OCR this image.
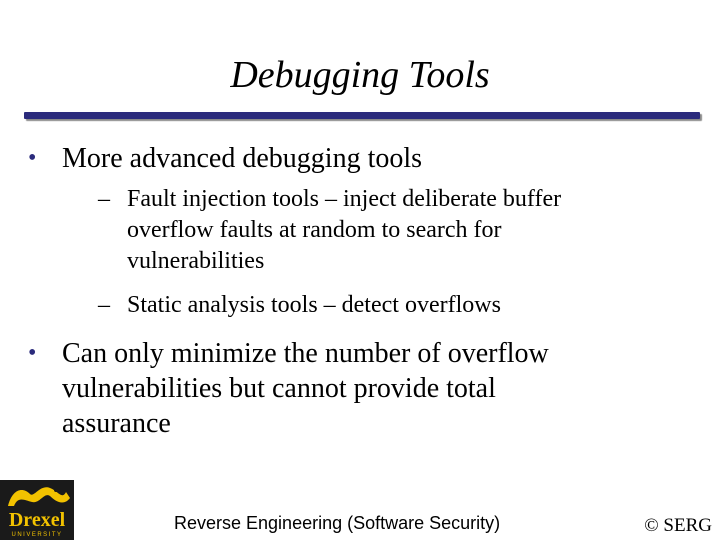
Debugging Tools
• More advanced debugging tools
– Fault injection tools – inject deliberate buffer
overflow faults at random to search for
vulnerabilities
– Static analysis tools – detect overflows
• Can only minimize the number of overflow
vulnerabilities but cannot provide total
assurance
Drexel
UNIVERSITY
Reverse Engineering (Software Security)	© SERG
